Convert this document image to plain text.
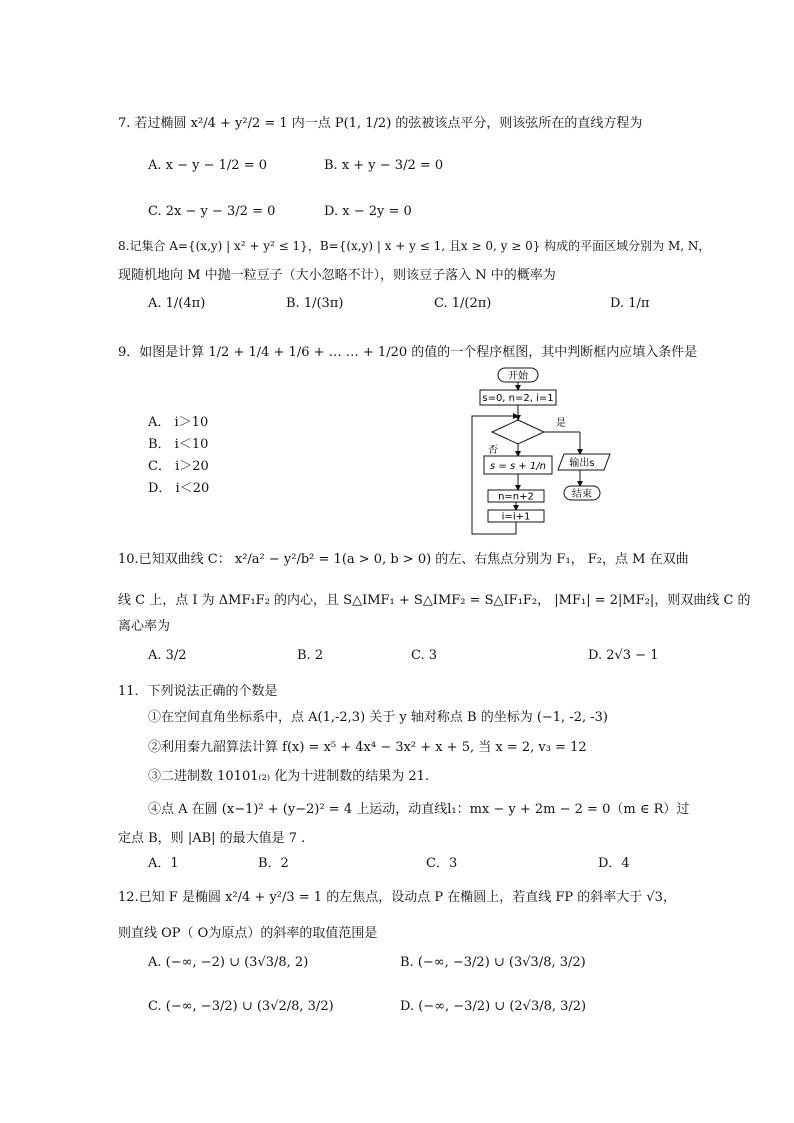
7. 若过椭圆 x²/4 + y²/2 = 1 内一点 P(1, 1/2) 的弦被该点平分，则该弦所在的直线方程为
A. x − y − 1/2 = 0	B. x + y − 3/2 = 0
C. 2x − y − 3/2 = 0	D. x − 2y = 0
8.记集合 A={(x,y) | x² + y² ≤ 1}，B={(x,y) | x + y ≤ 1, 且x ≥ 0, y ≥ 0} 构成的平面区域分别为 M, N，
现随机地向 M 中抛一粒豆子（大小忽略不计），则该豆子落入 N 中的概率为
A. 1/(4π)	B. 1/(3π)	C. 1/(2π)	D. 1/π
9．如图是计算 1/2 + 1/4 + 1/6 + … … + 1/20 的值的一个程序框图，其中判断框内应填入条件是
A． i＞10
B． i＜10
C． i＞20
D． i＜20
开始
s=0, n=2, i=1
是
输出s
结束
否
s = s + 1/n
n=n+2
i=i+1
10.已知双曲线 C： x²/a² − y²/b² = 1(a > 0, b > 0) 的左、右焦点分别为 F₁， F₂，点 M 在双曲
线 C 上，点 I 为 ΔMF₁F₂ 的内心，且 S△IMF₁ + S△IMF₂ = S△IF₁F₂， |MF₁| = 2|MF₂|，则双曲线 C 的
离心率为
A. 3/2	B. 2	C. 3	D. 2√3 − 1
11．下列说法正确的个数是
①在空间直角坐标系中，点 A(1,-2,3) 关于 y 轴对称点 B 的坐标为 (−1, -2, -3)
②利用秦九韶算法计算 f(x) = x⁵ + 4x⁴ − 3x² + x + 5, 当 x = 2, v₃ = 12
③二进制数 10101₍₂₎ 化为十进制数的结果为 21.
④点 A 在圆 (x−1)² + (y−2)² = 4 上运动，动直线l₁：mx − y + 2m − 2 = 0（m ∈ R）过
定点 B，则 |AB| 的最大值是 7 .
A．1	B．2	C．3	D．4
12.已知 F 是椭圆 x²/4 + y²/3 = 1 的左焦点，设动点 P 在椭圆上，若直线 FP 的斜率大于 √3，
则直线 OP（ O为原点）的斜率的取值范围是
A. (−∞, −2) ∪ (3√3/8, 2)	B. (−∞, −3/2) ∪ (3√3/8, 3/2)
C. (−∞, −3/2) ∪ (3√2/8, 3/2)	D. (−∞, −3/2) ∪ (2√3/8, 3/2)
